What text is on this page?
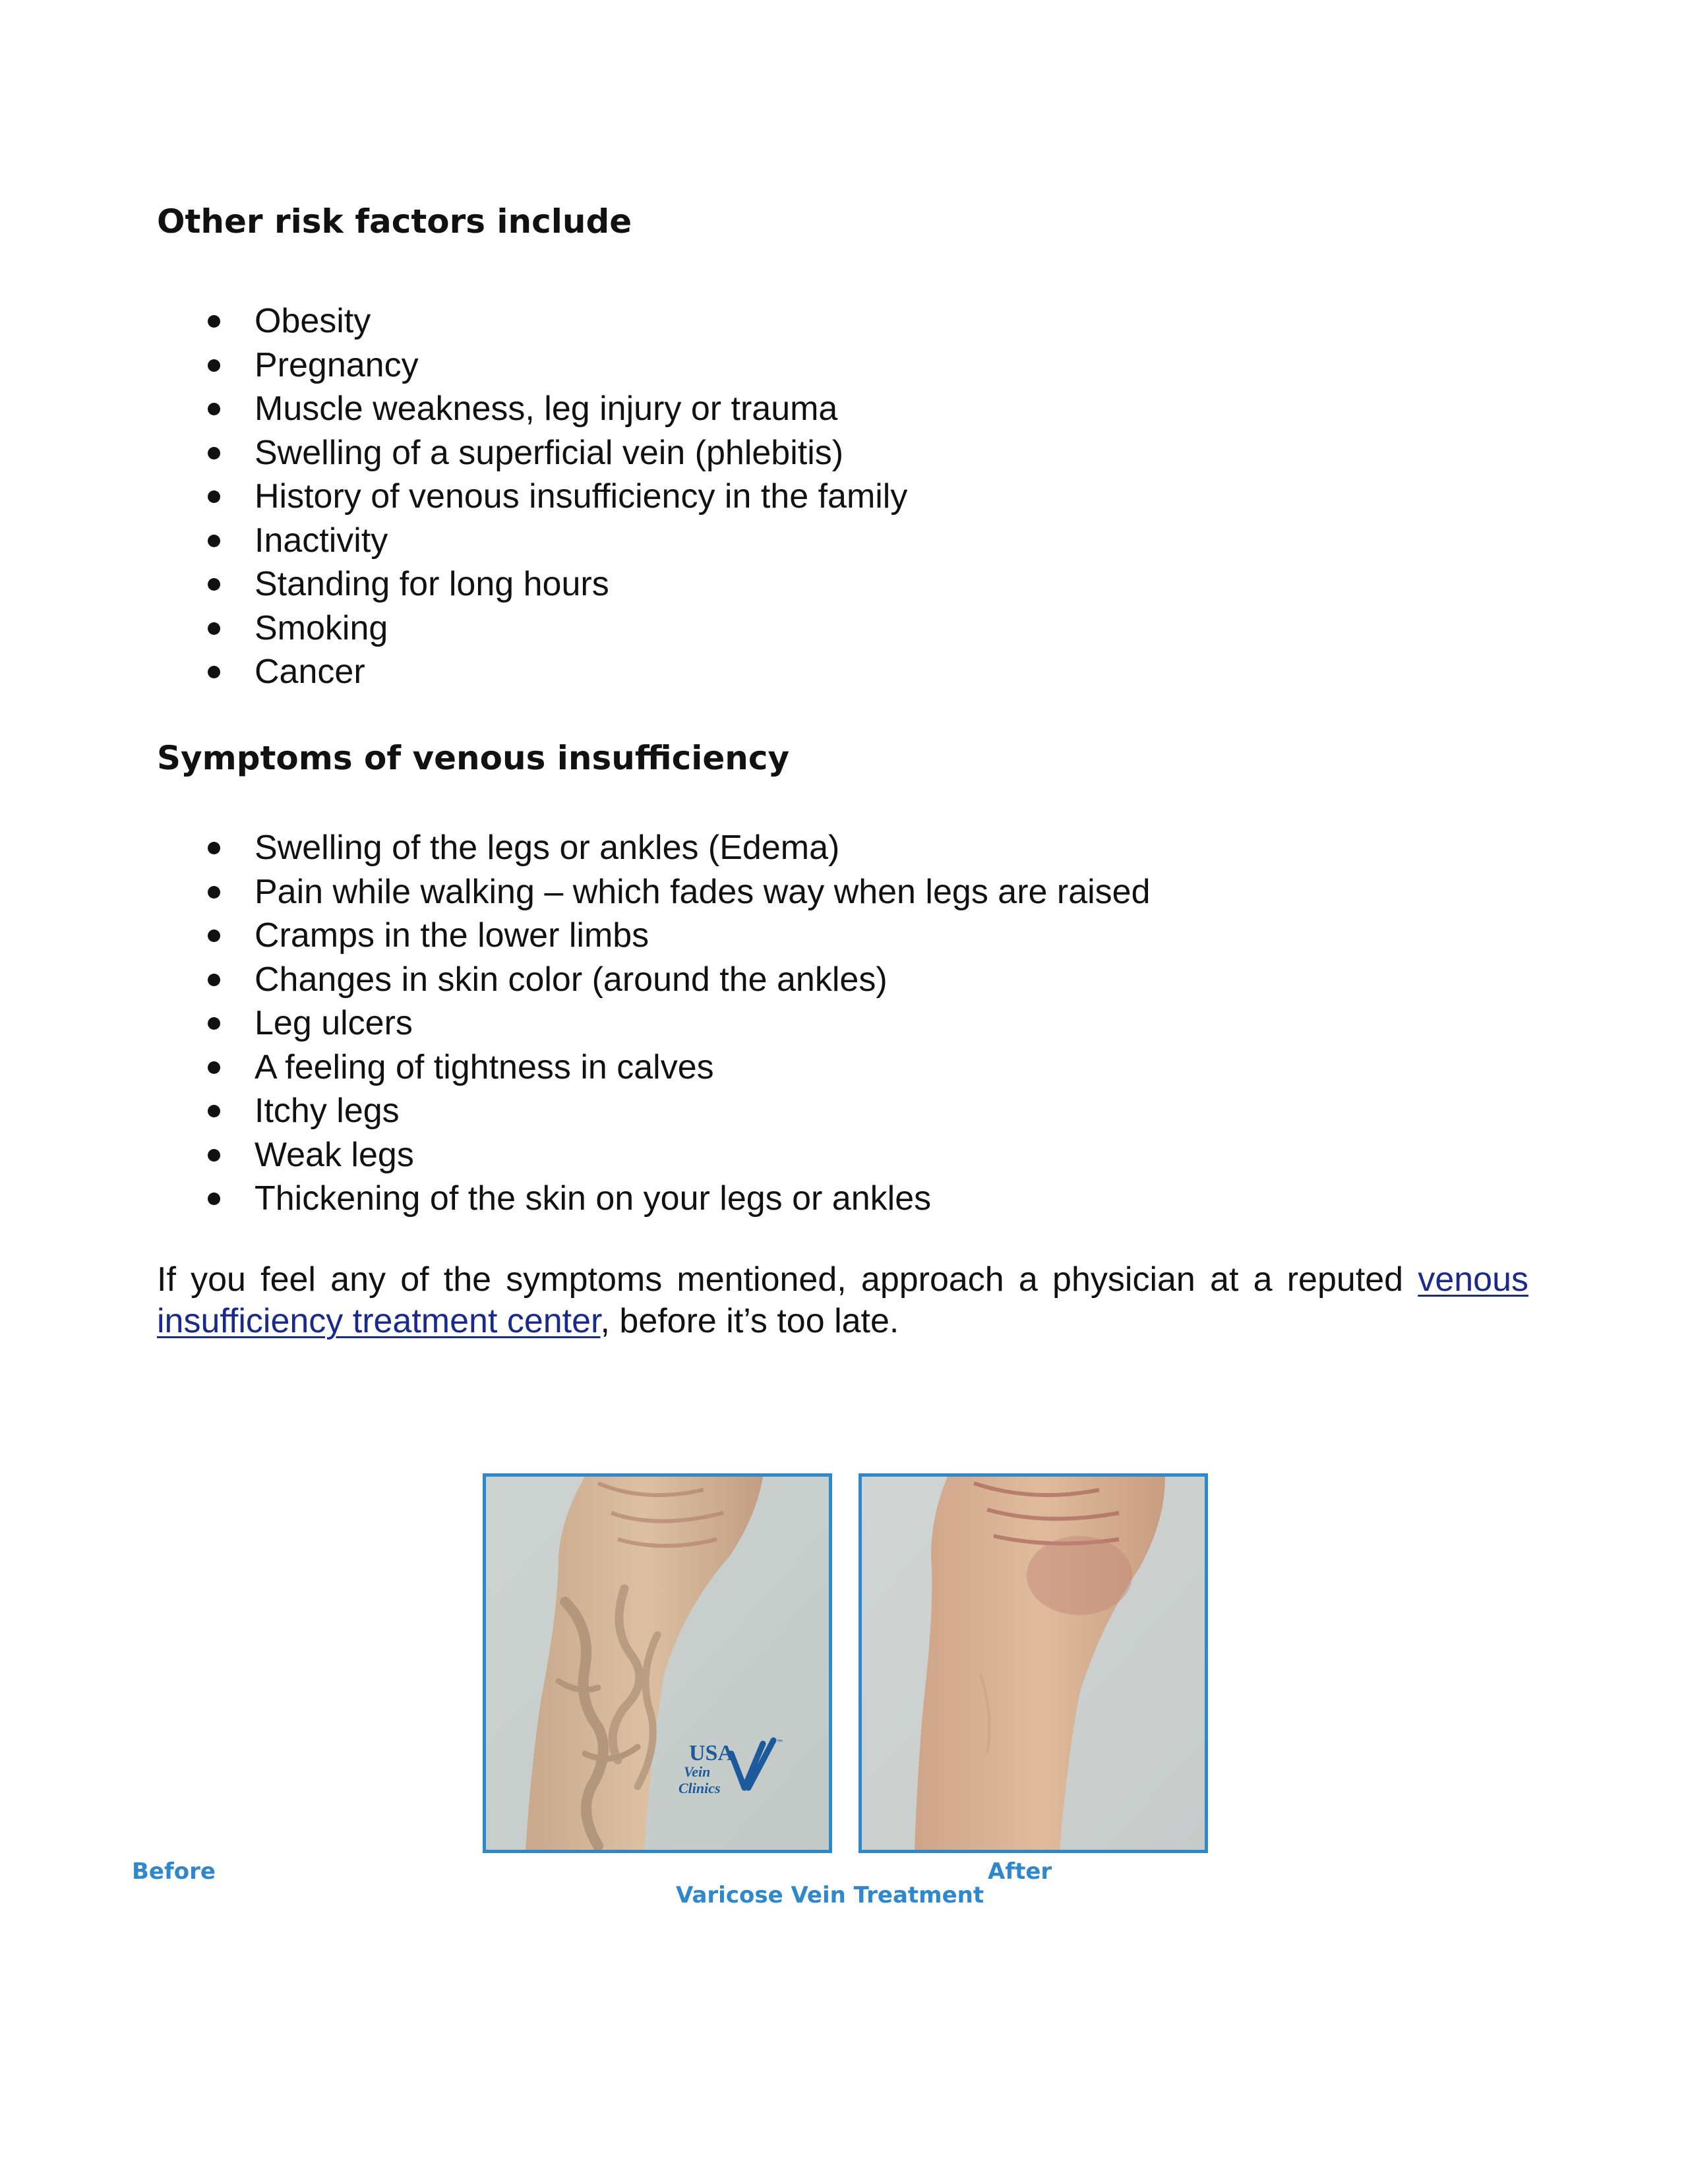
Other risk factors include
Obesity
Pregnancy
Muscle weakness, leg injury or trauma
Swelling of a superficial vein (phlebitis)
History of venous insufficiency in the family
Inactivity
Standing for long hours
Smoking
Cancer
Symptoms of venous insufficiency
Swelling of the legs or ankles (Edema)
Pain while walking – which fades way when legs are raised
Cramps in the lower limbs
Changes in skin color (around the ankles)
Leg ulcers
A feeling of tightness in calves
Itchy legs
Weak legs
Thickening of the skin on your legs or ankles

If you feel any of the symptoms mentioned, approach a physician at a reputed venous insufficiency treatment center, before it’s too late.

USA
Vein
Clinics
™
Before	After
Varicose Vein Treatment
